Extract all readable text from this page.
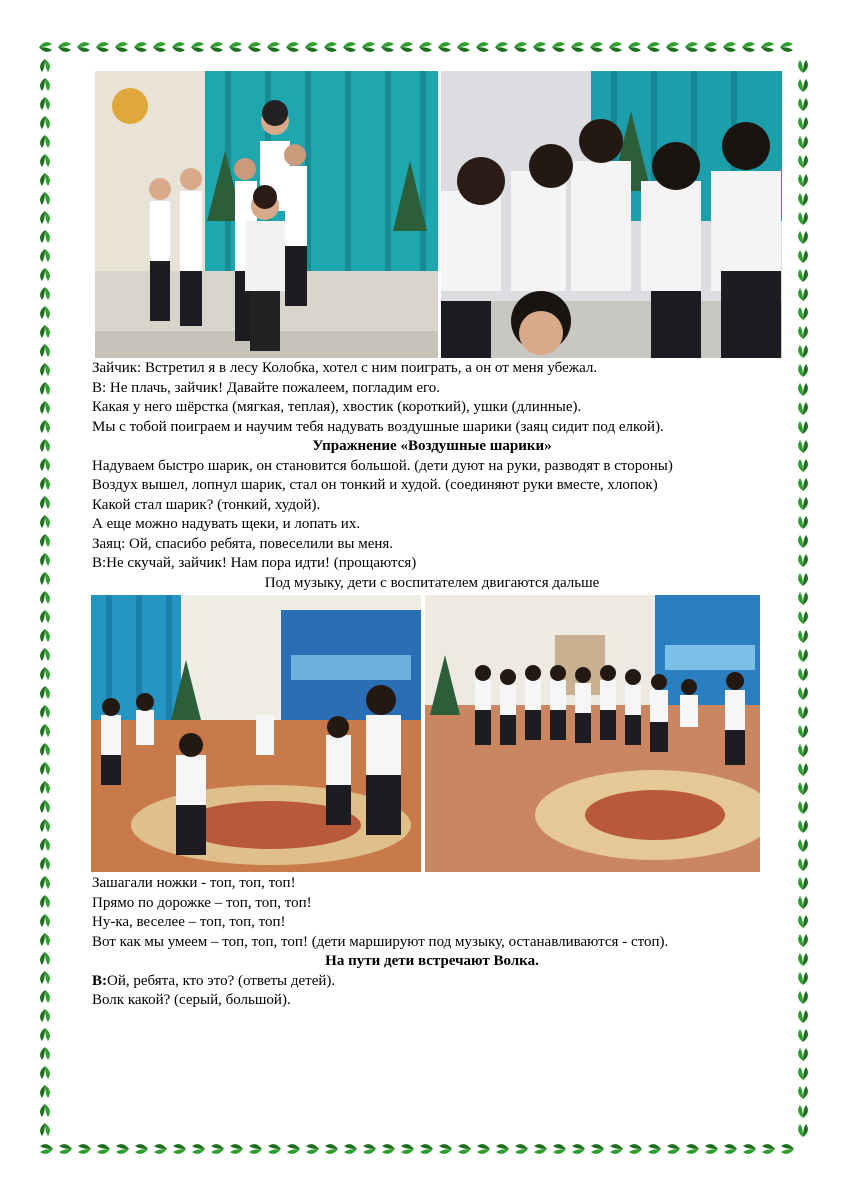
Зайчик: Встретил я в лесу Колобка, хотел с ним поиграть, а он от меня убежал.
В: Не плачь, зайчик! Давайте пожалеем, погладим его.
Какая у него шёрстка (мягкая, теплая), хвостик (короткий), ушки (длинные).
Мы с тобой поиграем и научим тебя надувать воздушные шарики (заяц сидит под елкой).
Упражнение «Воздушные шарики»
Надуваем быстро шарик, он становится большой. (дети дуют на руки, разводят в стороны)
Воздух вышел, лопнул шарик, стал он тонкий и худой. (соединяют руки вместе, хлопок)
Какой стал шарик? (тонкий, худой).
А еще можно надувать щеки, и лопать их.
Заяц: Ой, спасибо ребята, повеселили вы меня.
В:Не скучай, зайчик! Нам пора идти! (прощаются)
Под музыку, дети с воспитателем двигаются дальше
Зашагали ножки - топ, топ, топ!
Прямо по дорожке – топ, топ, топ!
Ну-ка, веселее – топ, топ, топ!
Вот как мы умеем – топ, топ, топ! (дети маршируют под музыку, останавливаются - стоп).
На пути дети встречают Волка.
В:Ой, ребята, кто это? (ответы детей).
Волк какой? (серый, большой).
